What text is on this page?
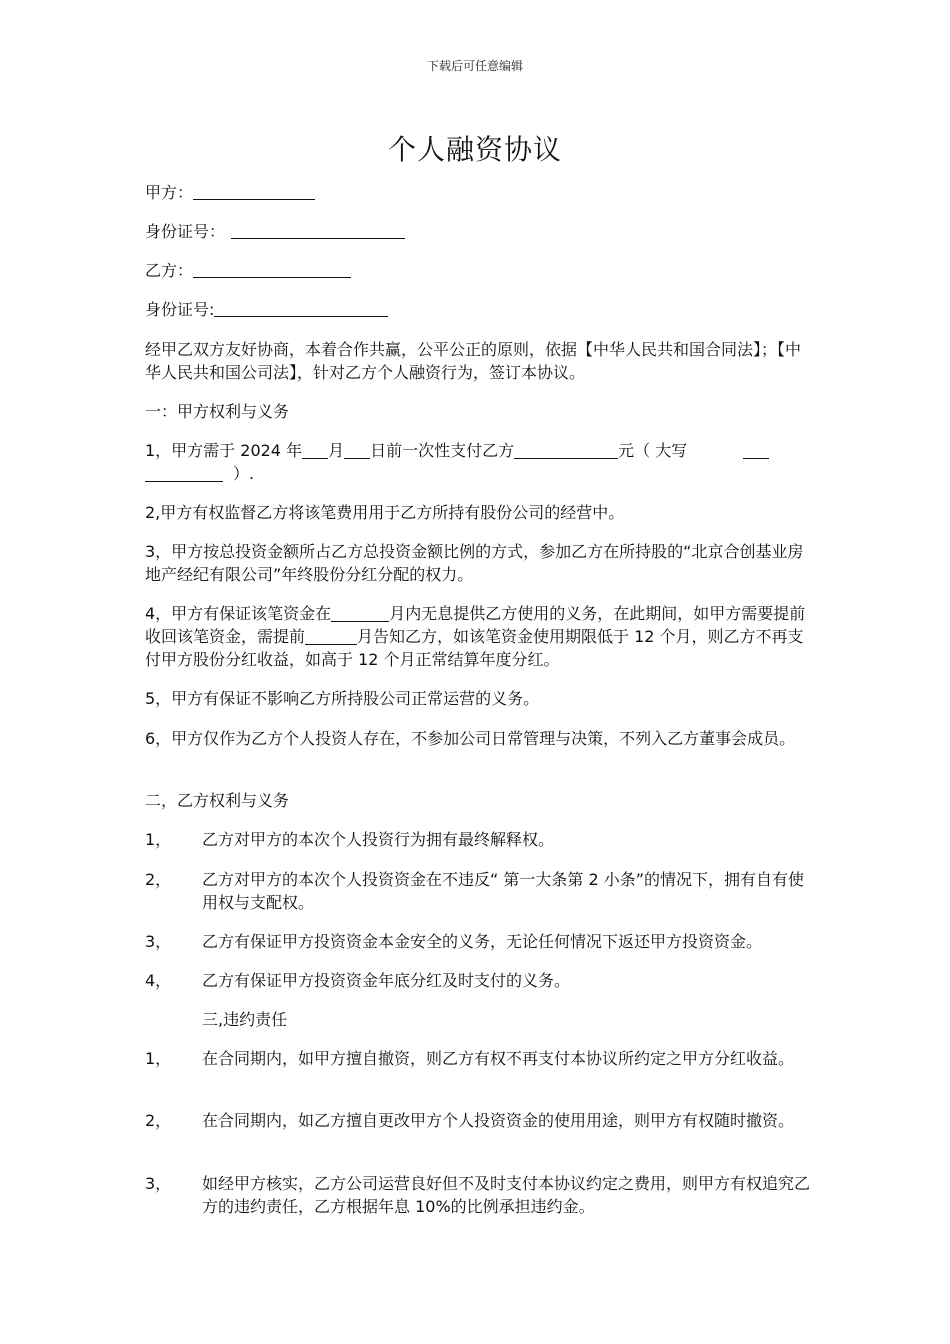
下载后可任意编辑
个人融资协议
甲方：
身份证号：
乙方：
身份证号:

经甲乙双方友好协商，本着合作共赢，公平公正的原则，依据【中华人民共和国合同法】；【中华人民共和国公司法】，针对乙方个人融资行为，签订本协议。

一：甲方权利与义务

1，甲方需于 2024 年 月 日前一次性支付乙方	元（ 大写
）.

2,甲方有权监督乙方将该笔费用用于乙方所持有股份公司的经营中。

3，甲方按总投资金额所占乙方总投资金额比例的方式，参加乙方在所持股的“北京合创基业房地产经纪有限公司”年终股份分红分配的权力。

4，甲方有保证该笔资金在	月内无息提供乙方使用的义务，在此期间，如甲方需要提前收回该笔资金，需提前	月告知乙方，如该笔资金使用期限低于 12 个月，则乙方不再支付甲方股份分红收益，如高于 12 个月正常结算年度分红。

5，甲方有保证不影响乙方所持股公司正常运营的义务。

6，甲方仅作为乙方个人投资人存在，不参加公司日常管理与决策，不列入乙方董事会成员。

二，乙方权利与义务

1， 乙方对甲方的本次个人投资行为拥有最终解释权。
2， 乙方对甲方的本次个人投资资金在不违反“ 第一大条第 2 小条”的情况下，拥有自有使用权与支配权。
3， 乙方有保证甲方投资资金本金安全的义务，无论任何情况下返还甲方投资资金。
4， 乙方有保证甲方投资资金年底分红及时支付的义务。
三,违约责任
1， 在合同期内，如甲方擅自撤资，则乙方有权不再支付本协议所约定之甲方分红收益。
2， 在合同期内，如乙方擅自更改甲方个人投资资金的使用用途，则甲方有权随时撤资。
3， 如经甲方核实，乙方公司运营良好但不及时支付本协议约定之费用，则甲方有权追究乙方的违约责任，乙方根据年息 10%的比例承担违约金。
